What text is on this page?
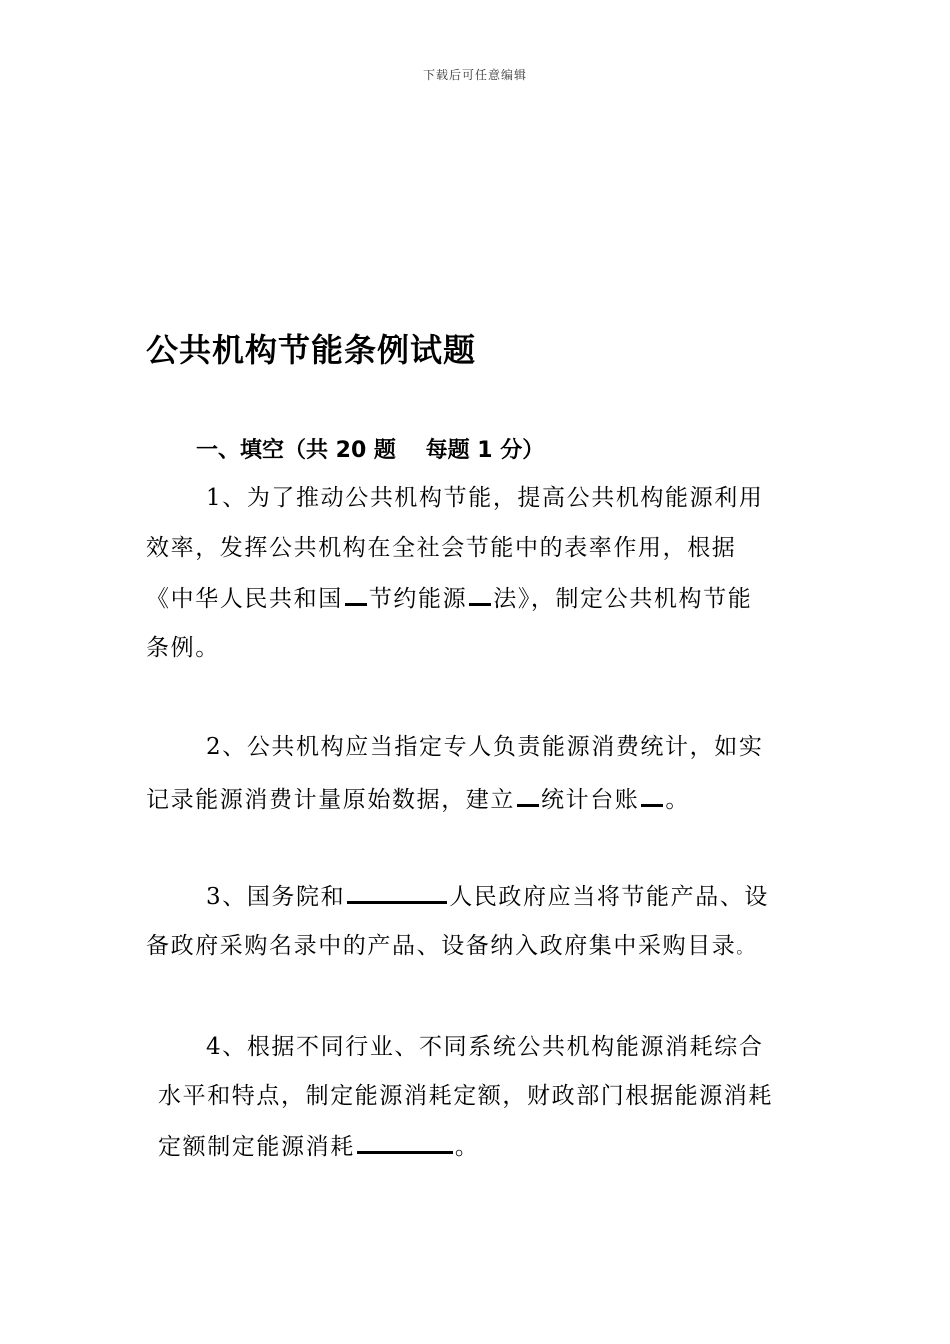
下载后可任意编辑
公共机构节能条例试题
一、填空（共 20 题　 每题 1 分）
1、为了推动公共机构节能，提高公共机构能源利用
效率，发挥公共机构在全社会节能中的表率作用，根据
《中华人民共和国 节约能源 法》，制定公共机构节能
条例。
2、公共机构应当指定专人负责能源消费统计，如实
记录能源消费计量原始数据，建立 统计台账 。
3、国务院和	人民政府应当将节能产品、设
备政府采购名录中的产品、设备纳入政府集中采购目录。
4、根据不同行业、不同系统公共机构能源消耗综合
水平和特点，制定能源消耗定额，财政部门根据能源消耗
定额制定能源消耗	。
